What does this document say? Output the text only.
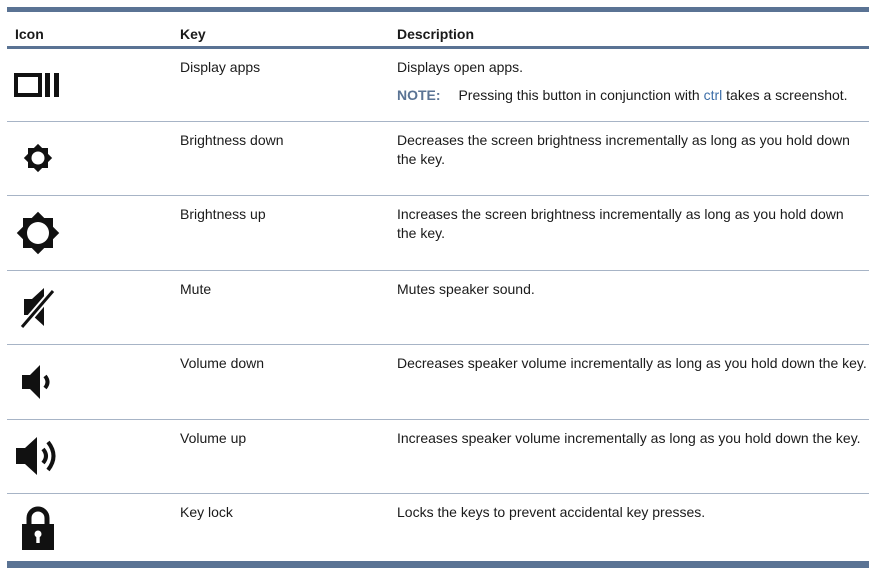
Icon	Key	Description
Display apps	Displays open apps.
NOTE: Pressing this button in conjunction with ctrl takes a screenshot.
Brightness down	Decreases the screen brightness incrementally as long as you hold down the key.
Brightness up	Increases the screen brightness incrementally as long as you hold down the key.
Mute	Mutes speaker sound.
Volume down	Decreases speaker volume incrementally as long as you hold down the key.
Volume up	Increases speaker volume incrementally as long as you hold down the key.
Key lock	Locks the keys to prevent accidental key presses.
